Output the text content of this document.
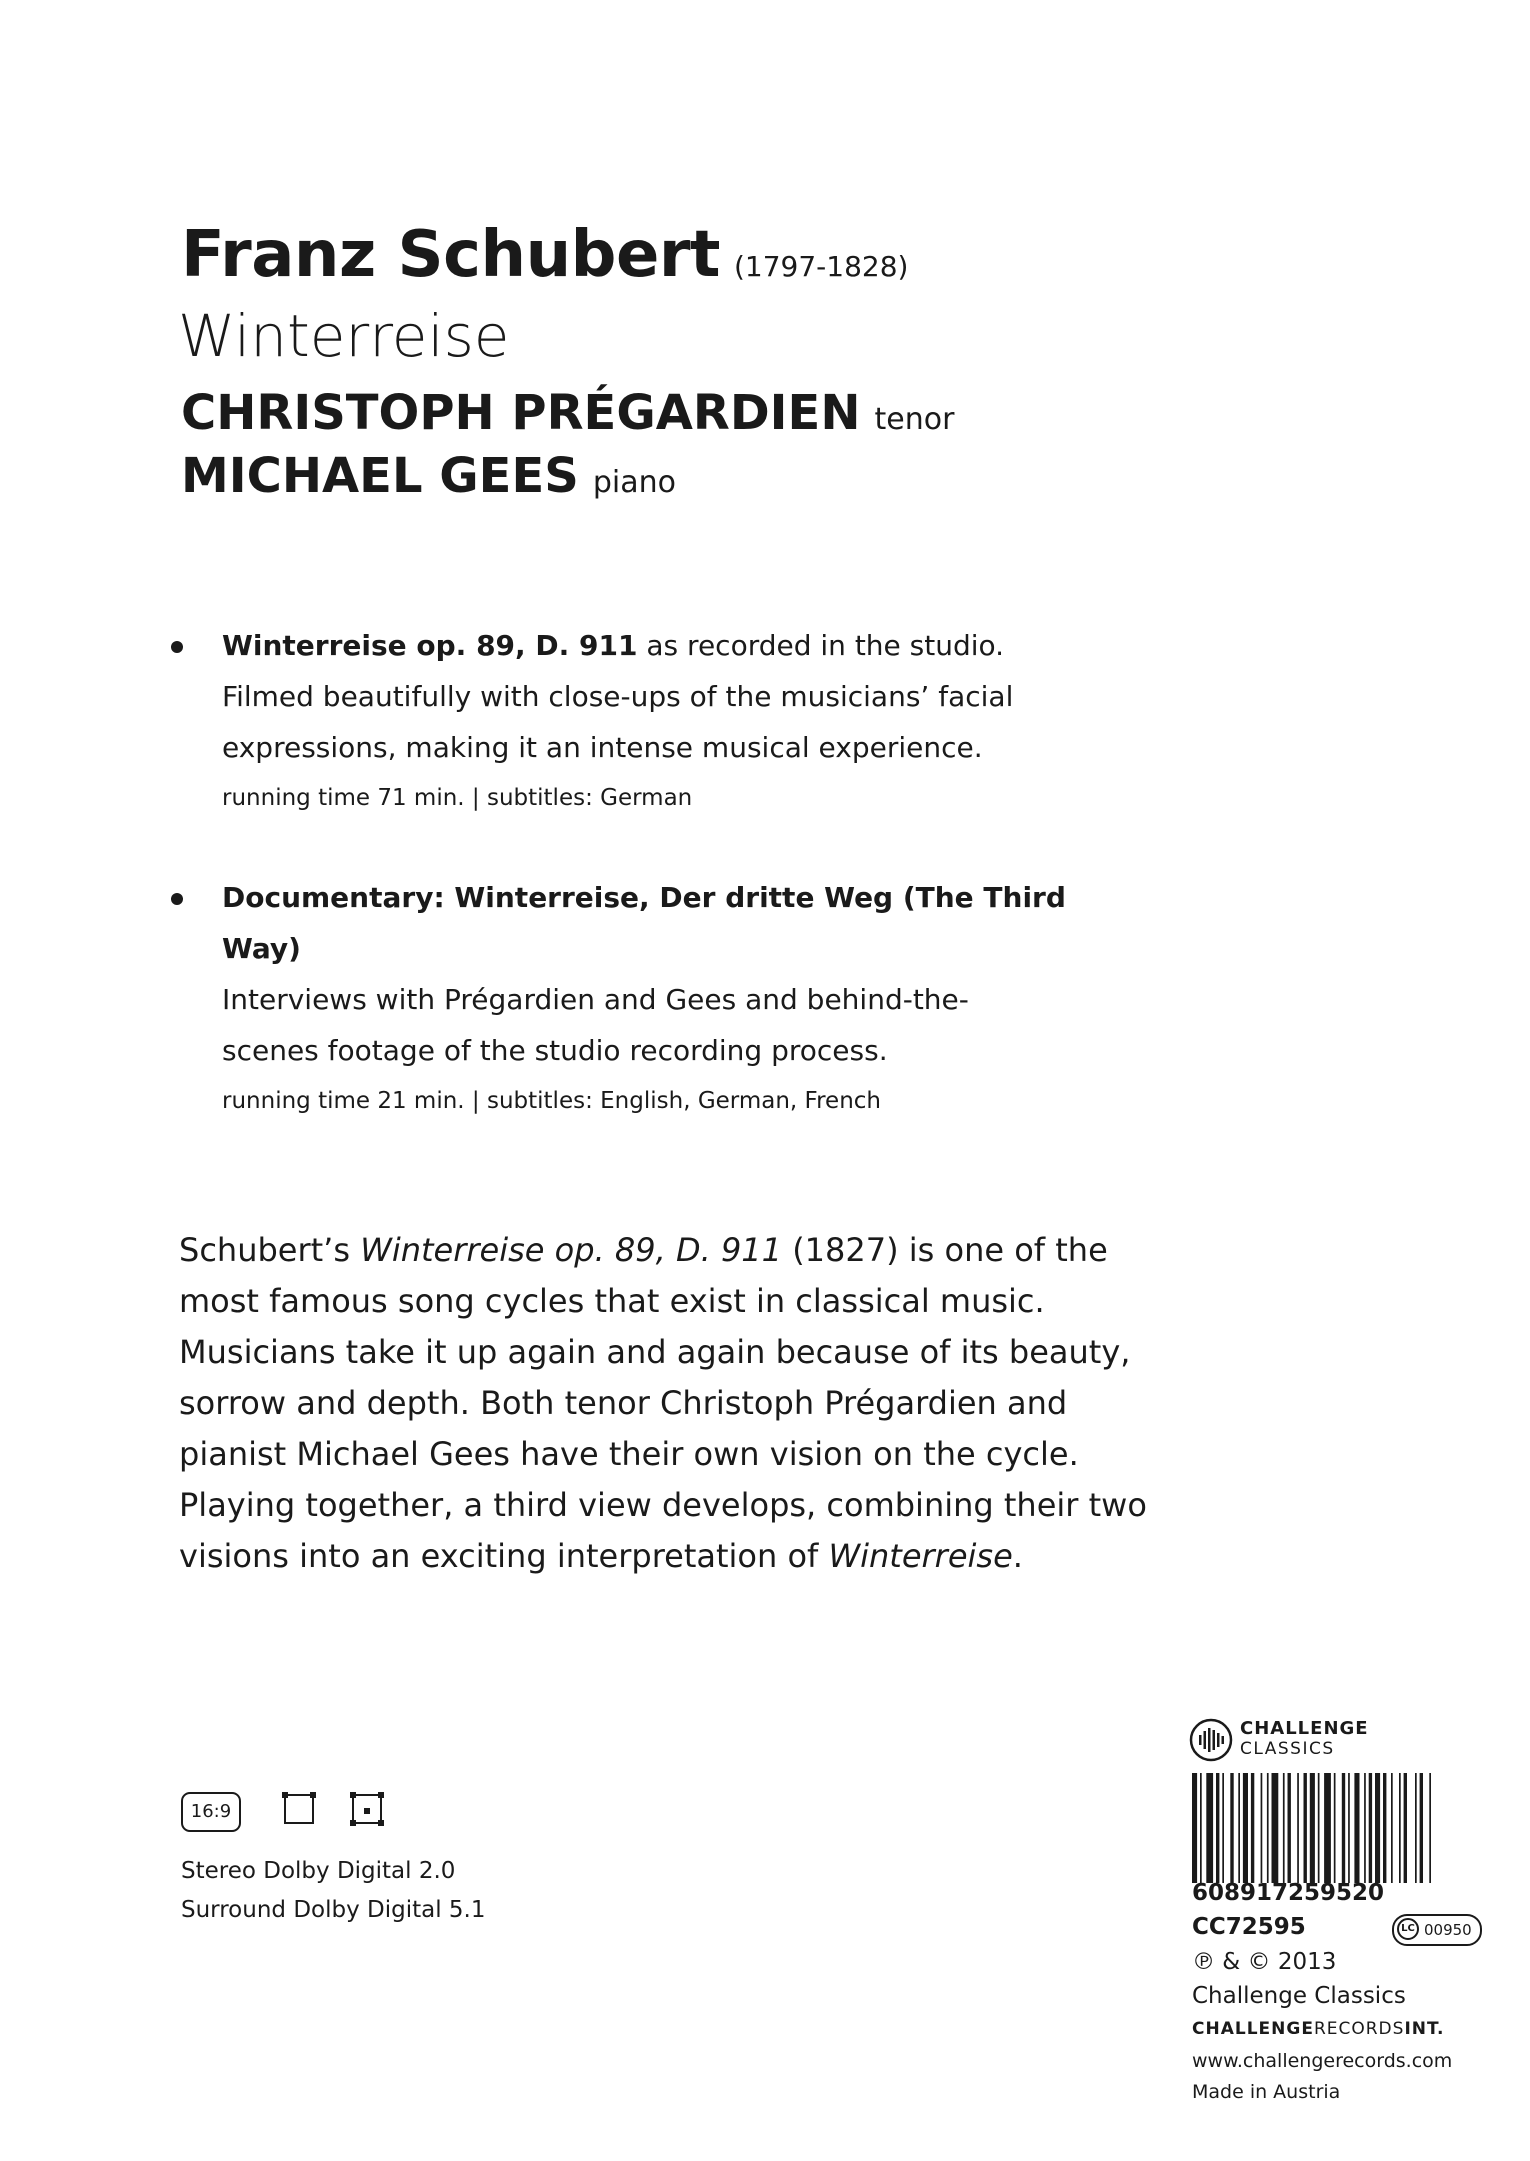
Franz Schubert (1797-1828)
Winterreise
CHRISTOPH PRÉGARDIEN tenor
MICHAEL GEES piano
Winterreise op. 89, D. 911 as recorded in the studio.

Filmed beautifully with close-ups of the musicians’ facial expressions, making it an intense musical experience.
running time 71 min. | subtitles: German
Documentary: Winterreise, Der dritte Weg (The Third Way)

Interviews with Prégardien and Gees and behind-the-scenes footage of the studio recording process.
running time 21 min. | subtitles: English, German, French
Schubert’s Winterreise op. 89, D. 911 (1827) is one of the most famous song cycles that exist in classical music. Musicians take it up again and again because of its beauty, sorrow and depth. Both tenor Christoph Prégardien and pianist Michael Gees have their own vision on the cycle. Playing together, a third view develops, combining their two visions into an exciting interpretation of Winterreise.
16:9
Stereo Dolby Digital 2.0
Surround Dolby Digital 5.1
CHALLENGE
CLASSICS
608917259520
CC72595	LC 00950
℗ & © 2013
Challenge Classics
CHALLENGERECORDSINT.
www.challengerecords.com
Made in Austria
